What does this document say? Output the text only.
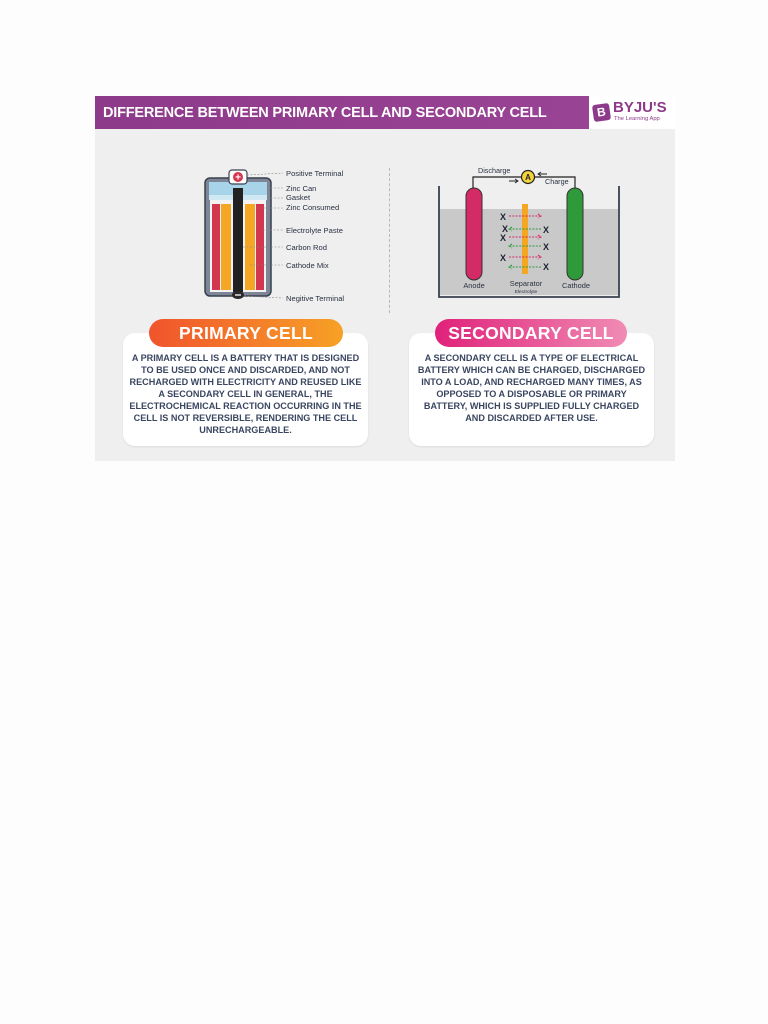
DIFFERENCE BETWEEN PRIMARY CELL AND SECONDARY CELL	B BYJU'S
The Learning App
+	Positive Terminal
Zinc Can
Gasket
Zinc Consumed
Electrolyte Paste
Carbon Rod
Cathode Mix
Negitive Terminal
A
Discharge
Charge
X
X
X
X	X
X
X
Anode	Separator
Electrolyte
Cathode
A PRIMARY CELL IS A BATTERY THAT IS DESIGNED TO BE USED ONCE AND DISCARDED, AND NOT RECHARGED WITH ELECTRICITY AND REUSED LIKE A SECONDARY CELL IN GENERAL, THE ELECTROCHEMICAL REACTION OCCURRING IN THE CELL IS NOT REVERSIBLE, RENDERING THE CELL UNRECHARGEABLE.
A SECONDARY CELL IS A TYPE OF ELECTRICAL BATTERY WHICH CAN BE CHARGED, DISCHARGED INTO A LOAD, AND RECHARGED MANY TIMES, AS OPPOSED TO A DISPOSABLE OR PRIMARY BATTERY, WHICH IS SUPPLIED FULLY CHARGED AND DISCARDED AFTER USE.
PRIMARY CELL	SECONDARY CELL
